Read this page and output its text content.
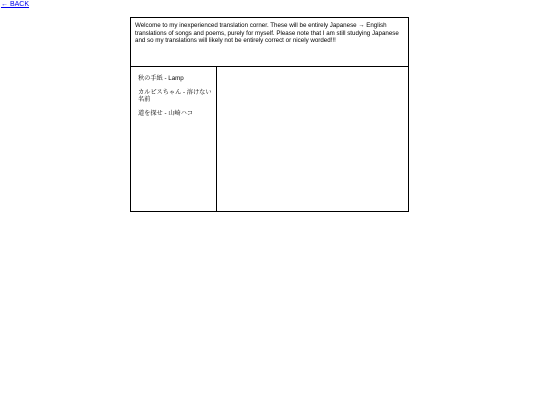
← BACK
Welcome to my inexperienced translation corner. These will be entirely Japanese → English translations of songs and poems, purely for myself. Please note that I am still studying Japanese and so my translations will likely not be entirely correct or nicely worded!!!
秋の手紙 - Lamp
カルピスちゃん - 溶けない名前
道を探せ - 山崎ハコ
